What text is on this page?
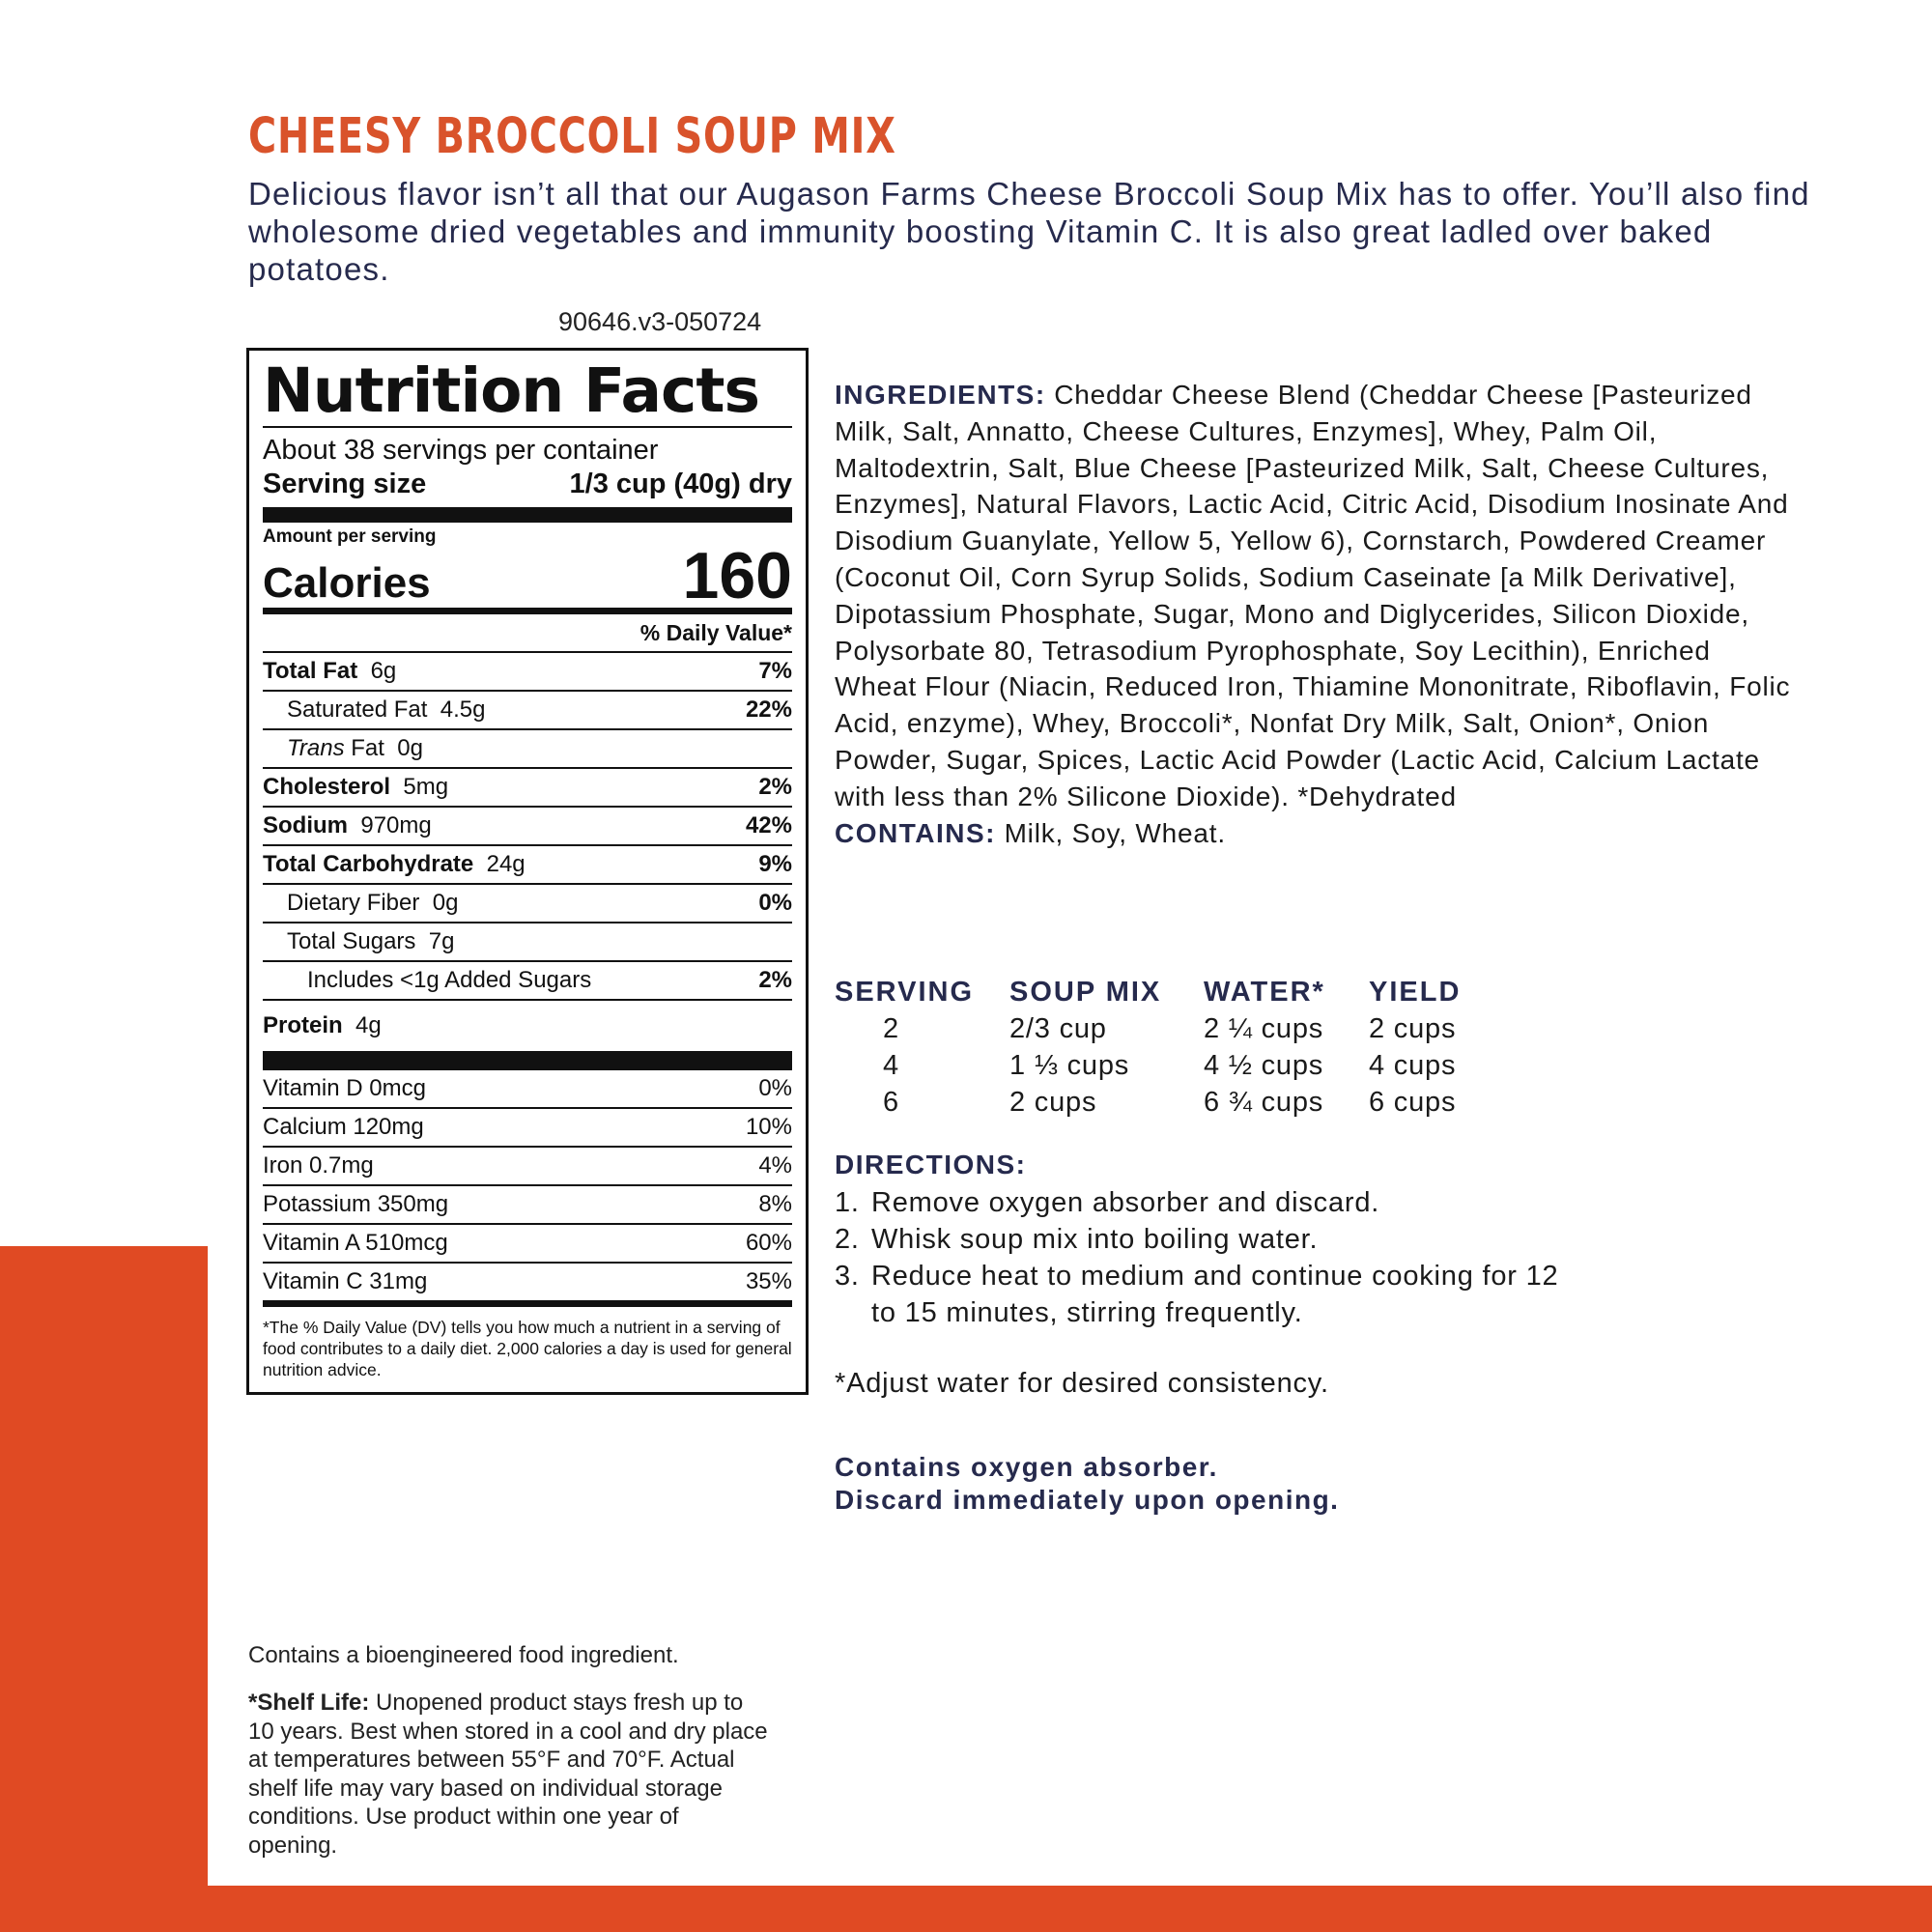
CHEESY BROCCOLI SOUP MIX
Delicious flavor isn’t all that our Augason Farms Cheese Broccoli Soup Mix has to offer. You’ll also find wholesome dried vegetables and immunity boosting Vitamin C. It is also great ladled over baked potatoes.
90646.v3-050724
Nutrition Facts
About 38 servings per container
Serving size	1/3 cup (40g) dry
Amount per serving
Calories	160
% Daily Value*
Total Fat 6g	7%
Saturated Fat 4.5g	22%
Trans Fat 0g
Cholesterol 5mg	2%
Sodium 970mg	42%
Total Carbohydrate 24g	9%
Dietary Fiber 0g	0%
Total Sugars 7g
Includes <1g Added Sugars	2%
Protein 4g
Vitamin D 0mcg	0%
Calcium 120mg	10%
Iron 0.7mg	4%
Potassium 350mg	8%
Vitamin A 510mcg	60%
Vitamin C 31mg	35%
*The % Daily Value (DV) tells you how much a nutrient in a serving of food contributes to a daily diet. 2,000 calories a day is used for general nutrition advice.
INGREDIENTS: Cheddar Cheese Blend (Cheddar Cheese [Pasteurized Milk, Salt, Annatto, Cheese Cultures, Enzymes], Whey, Palm Oil, Maltodextrin, Salt, Blue Cheese [Pasteurized Milk, Salt, Cheese Cultures, Enzymes], Natural Flavors, Lactic Acid, Citric Acid, Disodium Inosinate And Disodium Guanylate, Yellow 5, Yellow 6), Cornstarch, Powdered Creamer (Coconut Oil, Corn Syrup Solids, Sodium Caseinate [a Milk Derivative], Dipotassium Phosphate, Sugar, Mono and Diglycerides, Silicon Dioxide, Polysorbate 80, Tetrasodium Pyrophosphate, Soy Lecithin), Enriched Wheat Flour (Niacin, Reduced Iron, Thiamine Mononitrate, Riboflavin, Folic Acid, enzyme), Whey, Broccoli*, Nonfat Dry Milk, Salt, Onion*, Onion Powder, Sugar, Spices, Lactic Acid Powder (Lactic Acid, Calcium Lactate with less than 2% Silicone Dioxide). *Dehydrated
CONTAINS: Milk, Soy, Wheat.
SERVING	SOUP MIX	WATER*	YIELD
2	2/3 cup	2 ¼ cups	2 cups
4	1 ⅓ cups	4 ½ cups	4 cups
6	2 cups	6 ¾ cups	6 cups
DIRECTIONS:
1. Remove oxygen absorber and discard.
2. Whisk soup mix into boiling water.
3. Reduce heat to medium and continue cooking for 12 to 15 minutes, stirring frequently.
*Adjust water for desired consistency.
Contains oxygen absorber.
Discard immediately upon opening.
Contains a bioengineered food ingredient.
*Shelf Life: Unopened product stays fresh up to 10 years. Best when stored in a cool and dry place at temperatures between 55°F and 70°F. Actual shelf life may vary based on individual storage conditions. Use product within one year of opening.
